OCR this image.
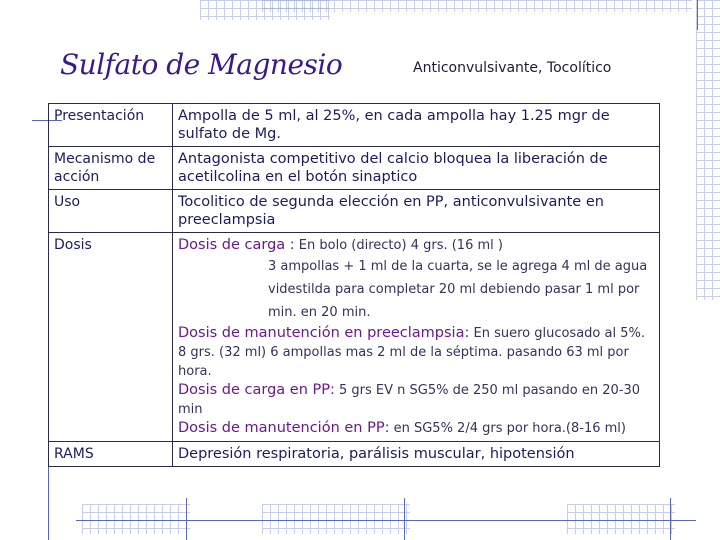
Sulfato de Magnesio	Anticonvulsivante, Tocolítico
Presentación	Ampolla de 5 ml, al 25%, en cada ampolla hay 1.25 mgr de sulfato de Mg.
Mecanismo de acción	Antagonista competitivo del calcio bloquea la liberación de acetilcolina en el botón sinaptico
Uso	Tocolitico de segunda elección en PP, anticonvulsivante en preeclampsia
Dosis	Dosis de carga : En bolo (directo) 4 grs. (16 ml )

3 ampollas + 1 ml de la cuarta, se le agrega 4 ml de agua videstilda para completar 20 ml debiendo pasar 1 ml por min. en 20 min.

Dosis de manutención en preeclampsia: En suero glucosado al 5%. 8 grs. (32 ml) 6 ampollas mas 2 ml de la séptima. pasando 63 ml por hora.

Dosis de carga en PP: 5 grs EV n SG5% de 250 ml pasando en 20-30 min

Dosis de manutención en PP: en SG5% 2/4 grs por hora.(8-16 ml)

RAMS	Depresión respiratoria, parálisis muscular, hipotensión
